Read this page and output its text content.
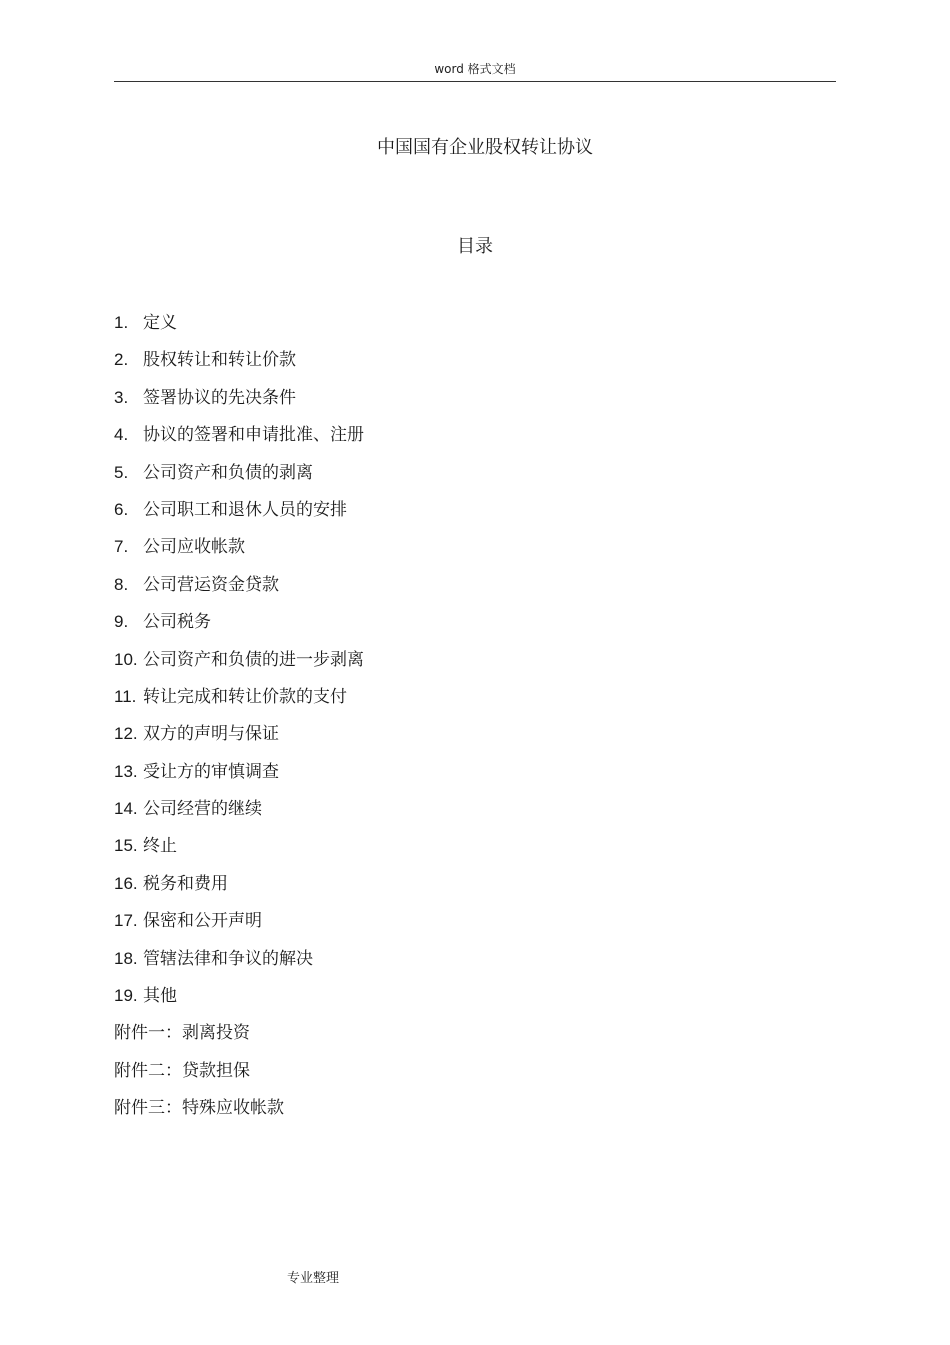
word 格式文档
中国国有企业股权转让协议
目录
1. 定义
2. 股权转让和转让价款
3. 签署协议的先决条件
4. 协议的签署和申请批准、注册
5. 公司资产和负债的剥离
6. 公司职工和退休人员的安排
7. 公司应收帐款
8. 公司营运资金贷款
9. 公司税务
10. 公司资产和负债的进一步剥离
11. 转让完成和转让价款的支付
12. 双方的声明与保证
13. 受让方的审慎调查
14. 公司经营的继续
15. 终止
16. 税务和费用
17. 保密和公开声明
18. 管辖法律和争议的解决
19. 其他
附件一：剥离投资
附件二：贷款担保
附件三：特殊应收帐款
专业整理
